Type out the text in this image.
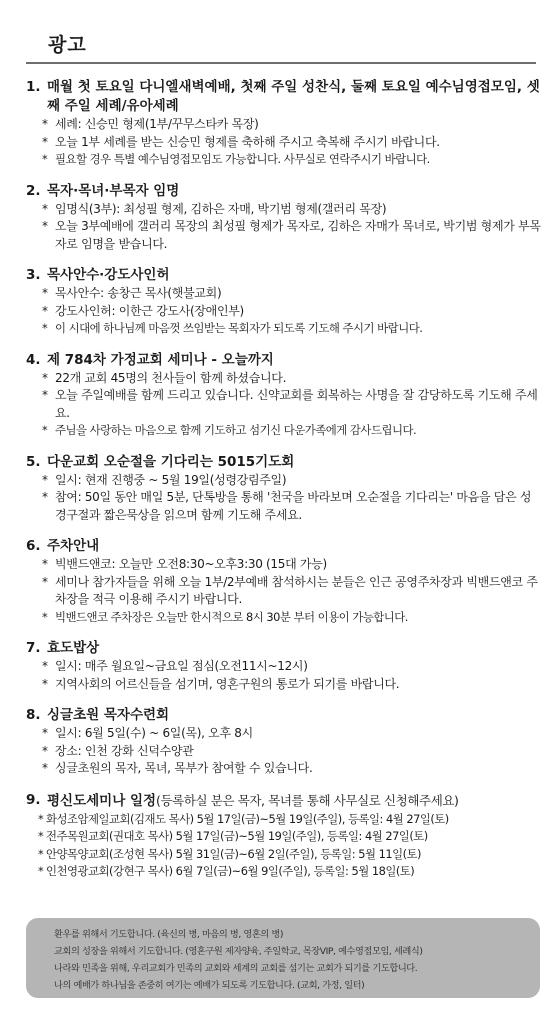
광고
1. 매월 첫 토요일 다니엘새벽예배, 첫째 주일 성찬식, 둘째 토요일 예수님영접모임, 셋째 주일 세례/유아세례
* 세례: 신승민 형제(1부/꾸무스타카 목장)
* 오늘 1부 세례를 받는 신승민 형제를 축하해 주시고 축복해 주시기 바랍니다.
* 필요할 경우 특별 예수님영접모임도 가능합니다. 사무실로 연락주시기 바랍니다.
2. 목자·목녀·부목자 임명
* 임명식(3부): 최성필 형제, 김하은 자매, 박기범 형제(갤러리 목장)
* 오늘 3부예배에 갤러리 목장의 최성필 형제가 목자로, 김하은 자매가 목녀로, 박기범 형제가 부목자로 임명을 받습니다.
3. 목사안수·강도사인허
* 목사안수: 송창근 목사(햇불교회)
* 강도사인허: 이한근 강도사(장애인부)
* 이 시대에 하나님께 마음껏 쓰임받는 목회자가 되도록 기도해 주시기 바랍니다.
4. 제 784차 가정교회 세미나 - 오늘까지
* 22개 교회 45명의 천사들이 함께 하셨습니다.
* 오늘 주일예배를 함께 드리고 있습니다. 신약교회를 회복하는 사명을 잘 감당하도록 기도해 주세요.
* 주님을 사랑하는 마음으로 함께 기도하고 섬기신 다운가족에게 감사드립니다.
5. 다운교회 오순절을 기다리는 5015기도회
* 일시: 현재 진행중 ~ 5월 19일(성령강림주일)
* 참여: 50일 동안 매일 5분, 단톡방을 통해 '천국을 바라보며 오순절을 기다리는' 마음을 담은 성경구절과 짧은묵상을 읽으며 함께 기도해 주세요.
6. 주차안내
* 빅밴드앤코: 오늘만 오전8:30~오후3:30 (15대 가능)
* 세미나 참가자들을 위해 오늘 1부/2부예배 참석하시는 분들은 인근 공영주차장과 빅밴드앤코 주차장을 적극 이용해 주시기 바랍니다.
* 빅밴드앤코 주차장은 오늘만 한시적으로 8시 30분 부터 이용이 가능합니다.
7. 효도밥상
* 일시: 매주 월요일~금요일 점심(오전11시~12시)
* 지역사회의 어르신들을 섬기며, 영혼구원의 통로가 되기를 바랍니다.
8. 싱글초원 목자수련회
* 일시: 6월 5일(수) ~ 6일(목), 오후 8시
* 장소: 인천 강화 신덕수양관
* 싱글초원의 목자, 목녀, 목부가 참여할 수 있습니다.
9. 평신도세미나 일정(등록하실 분은 목자, 목녀를 통해 사무실로 신청해주세요)
* 화성조암제일교회(김재도 목사) 5월 17일(금)~5월 19일(주일), 등록일: 4월 27일(토)
* 전주목원교회(권대호 목사) 5월 17일(금)~5월 19일(주일), 등록일: 4월 27일(토)
* 안양목양교회(조성현 목사) 5월 31일(금)~6월 2일(주일), 등록일: 5월 11일(토)
* 인천영광교회(강현구 목사) 6월 7일(금)~6월 9일(주일), 등록일: 5월 18일(토)
환우를 위해서 기도합니다. (육신의 병, 마음의 병, 영혼의 병)
교회의 성장을 위해서 기도합니다. (영혼구원 제자양육, 주일학교, 목장VIP, 예수영접모임, 세례식)
나라와 민족을 위해, 우리교회가 민족의 교회와 세계의 교회를 섬기는 교회가 되기를 기도합니다.
나의 예배가 하나님을 존중히 여기는 예배가 되도록 기도합니다. (교회, 가정, 일터)
